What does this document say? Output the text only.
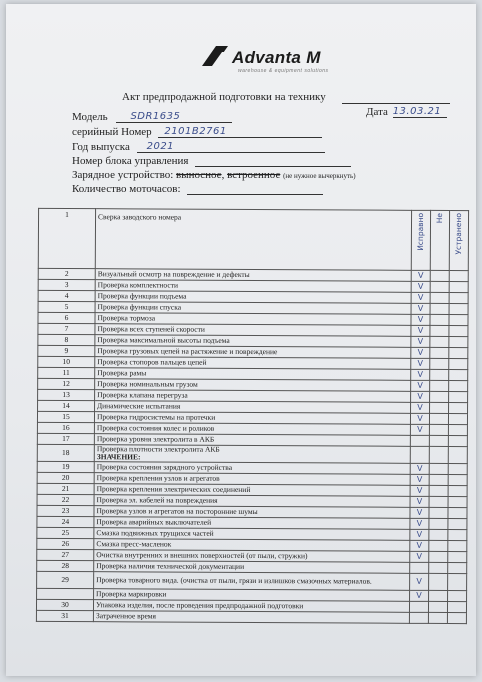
Advanta M
warehouse & equipment solutions
Акт предпродажной подготовки на технику
Модель SDR1635	Дата 13.03.21
серийный Номер 2101B2761
Год выпуска 2021
Номер блока управления
Зарядное устройство: выносное, встроенное (не нужное вычеркнуть)
Количество моточасов:
1	Сверка заводского номера	Исправно	Не	Устранено
2	Визуальный осмотр на повреждение и дефекты	V		
3	Проверка комплектности	V		
4	Проверка функции подъема	V		
5	Проверка функции спуска	V		
6	Проверка тормоза	V		
7	Проверка всех ступеней скорости	V		
8	Проверка максимальной высоты подъема	V		
9	Проверка грузовых цепей на растяжение и повреждение	V		
10	Проверка стопоров пальцев цепей	V		
11	Проверка рамы	V		
12	Проверка номинальным грузом	V		
13	Проверка клапана перегруза	V		
14	Динамические испытания	V		
15	Проверка гидросистемы на протечки	V		
16	Проверка состояния колес и роликов	V		
17	Проверка уровня электролита в АКБ			
18	Проверка плотности электролита АКБ
ЗНАЧЕНИЕ:			
19	Проверка состояния зарядного устройства	V		
20	Проверка крепления узлов и агрегатов	V		
21	Проверка крепления электрических соединений	V		
22	Проверка эл. кабелей на повреждения	V		
23	Проверка узлов и агрегатов на посторонние шумы	V		
24	Проверка аварийных выключателей	V		
25	Смазка подвижных трущихся частей	V		
26	Смазка пресс-масленок	V		
27	Очистка внутренних и внешних поверхностей (от пыли, стружки)	V		
28	Проверка наличия технической документации			
29	Проверка товарного вида. (очистка от пыли, грязи и излишков смазочных материалов.	V		
	Проверка маркировки	V		
30	Упаковка изделия, после проведения предпродажной подготовки			
31	Затраченное время			
